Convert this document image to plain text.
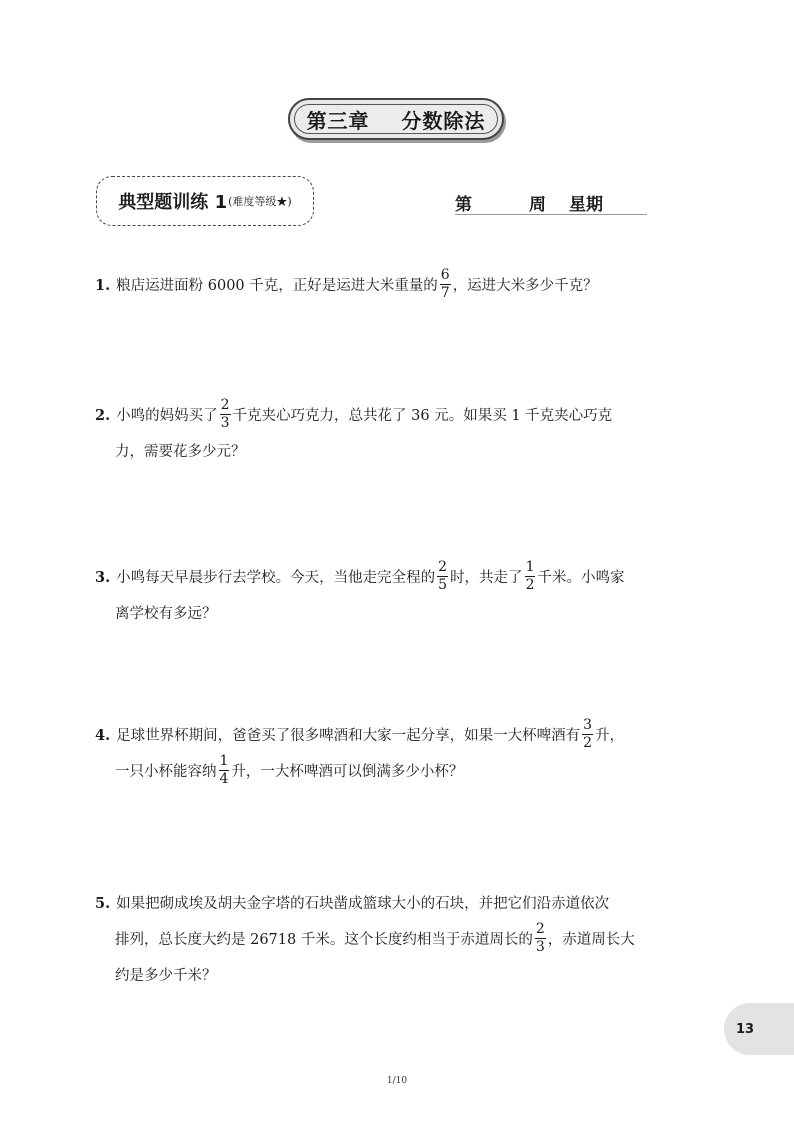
第三章    分数除法
典型题训练 1 (难度等级★)	第	周 星期

1. 粮店运进面粉 6000 千克，正好是运进大米重量的 $\frac{6}{7}$ ，运进大米多少千克？

2. 小鸣的妈妈买了 $\frac{2}{3}$ 千克夹心巧克力，总共花了 36 元。如果买 1 千克夹心巧克
力，需要花多少元？

3. 小鸣每天早晨步行去学校。今天，当他走完全程的 $\frac{2}{5}$ 时，共走了 $\frac{1}{2}$ 千米。小鸣家
离学校有多远？

4. 足球世界杯期间，爸爸买了很多啤酒和大家一起分享，如果一大杯啤酒有 $\frac{3}{2}$ 升，
一只小杯能容纳 $\frac{1}{4}$ 升，一大杯啤酒可以倒满多少小杯？

5. 如果把砌成埃及胡夫金字塔的石块凿成篮球大小的石块，并把它们沿赤道依次
排列，总长度大约是 26718 千米。这个长度约相当于赤道周长的 $\frac{2}{3}$ ，赤道周长大
约是多少千米？

13
1/10
